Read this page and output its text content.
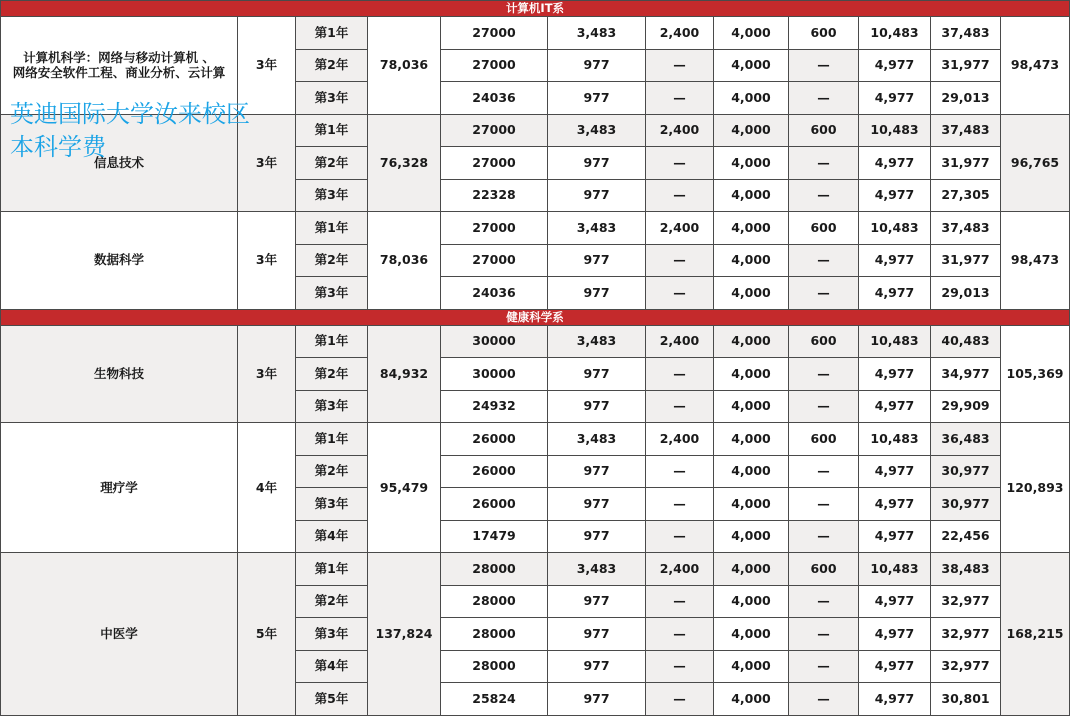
计算机IT系											
计算机科学：网络与移动计算机 、
网络安全软件工程、商业分析、云计算	3年	第1年	78,036	27000	3,483	2,400	4,000	600	10,483	37,483	98,473
		第2年		27000	977	—	4,000	—	4,977	31,977	
		第3年		24036	977	—	4,000	—	4,977	29,013	
信息技术	3年	第1年	76,328	27000	3,483	2,400	4,000	600	10,483	37,483	96,765
		第2年		27000	977	—	4,000	—	4,977	31,977	
		第3年		22328	977	—	4,000	—	4,977	27,305	
数据科学	3年	第1年	78,036	27000	3,483	2,400	4,000	600	10,483	37,483	98,473
		第2年		27000	977	—	4,000	—	4,977	31,977	
		第3年		24036	977	—	4,000	—	4,977	29,013	
健康科学系											
生物科技	3年	第1年	84,932	30000	3,483	2,400	4,000	600	10,483	40,483	105,369
		第2年		30000	977	—	4,000	—	4,977	34,977	
		第3年		24932	977	—	4,000	—	4,977	29,909	
理疗学	4年	第1年	95,479	26000	3,483	2,400	4,000	600	10,483	36,483	120,893
		第2年		26000	977	—	4,000	—	4,977	30,977	
		第3年		26000	977	—	4,000	—	4,977	30,977	
		第4年		17479	977	—	4,000	—	4,977	22,456	
中医学	5年	第1年	137,824	28000	3,483	2,400	4,000	600	10,483	38,483	168,215
		第2年		28000	977	—	4,000	—	4,977	32,977	
		第3年		28000	977	—	4,000	—	4,977	32,977	
		第4年		28000	977	—	4,000	—	4,977	32,977	
		第5年		25824	977	—	4,000	—	4,977	30,801	
英迪国际大学汝来校区
本科学费
